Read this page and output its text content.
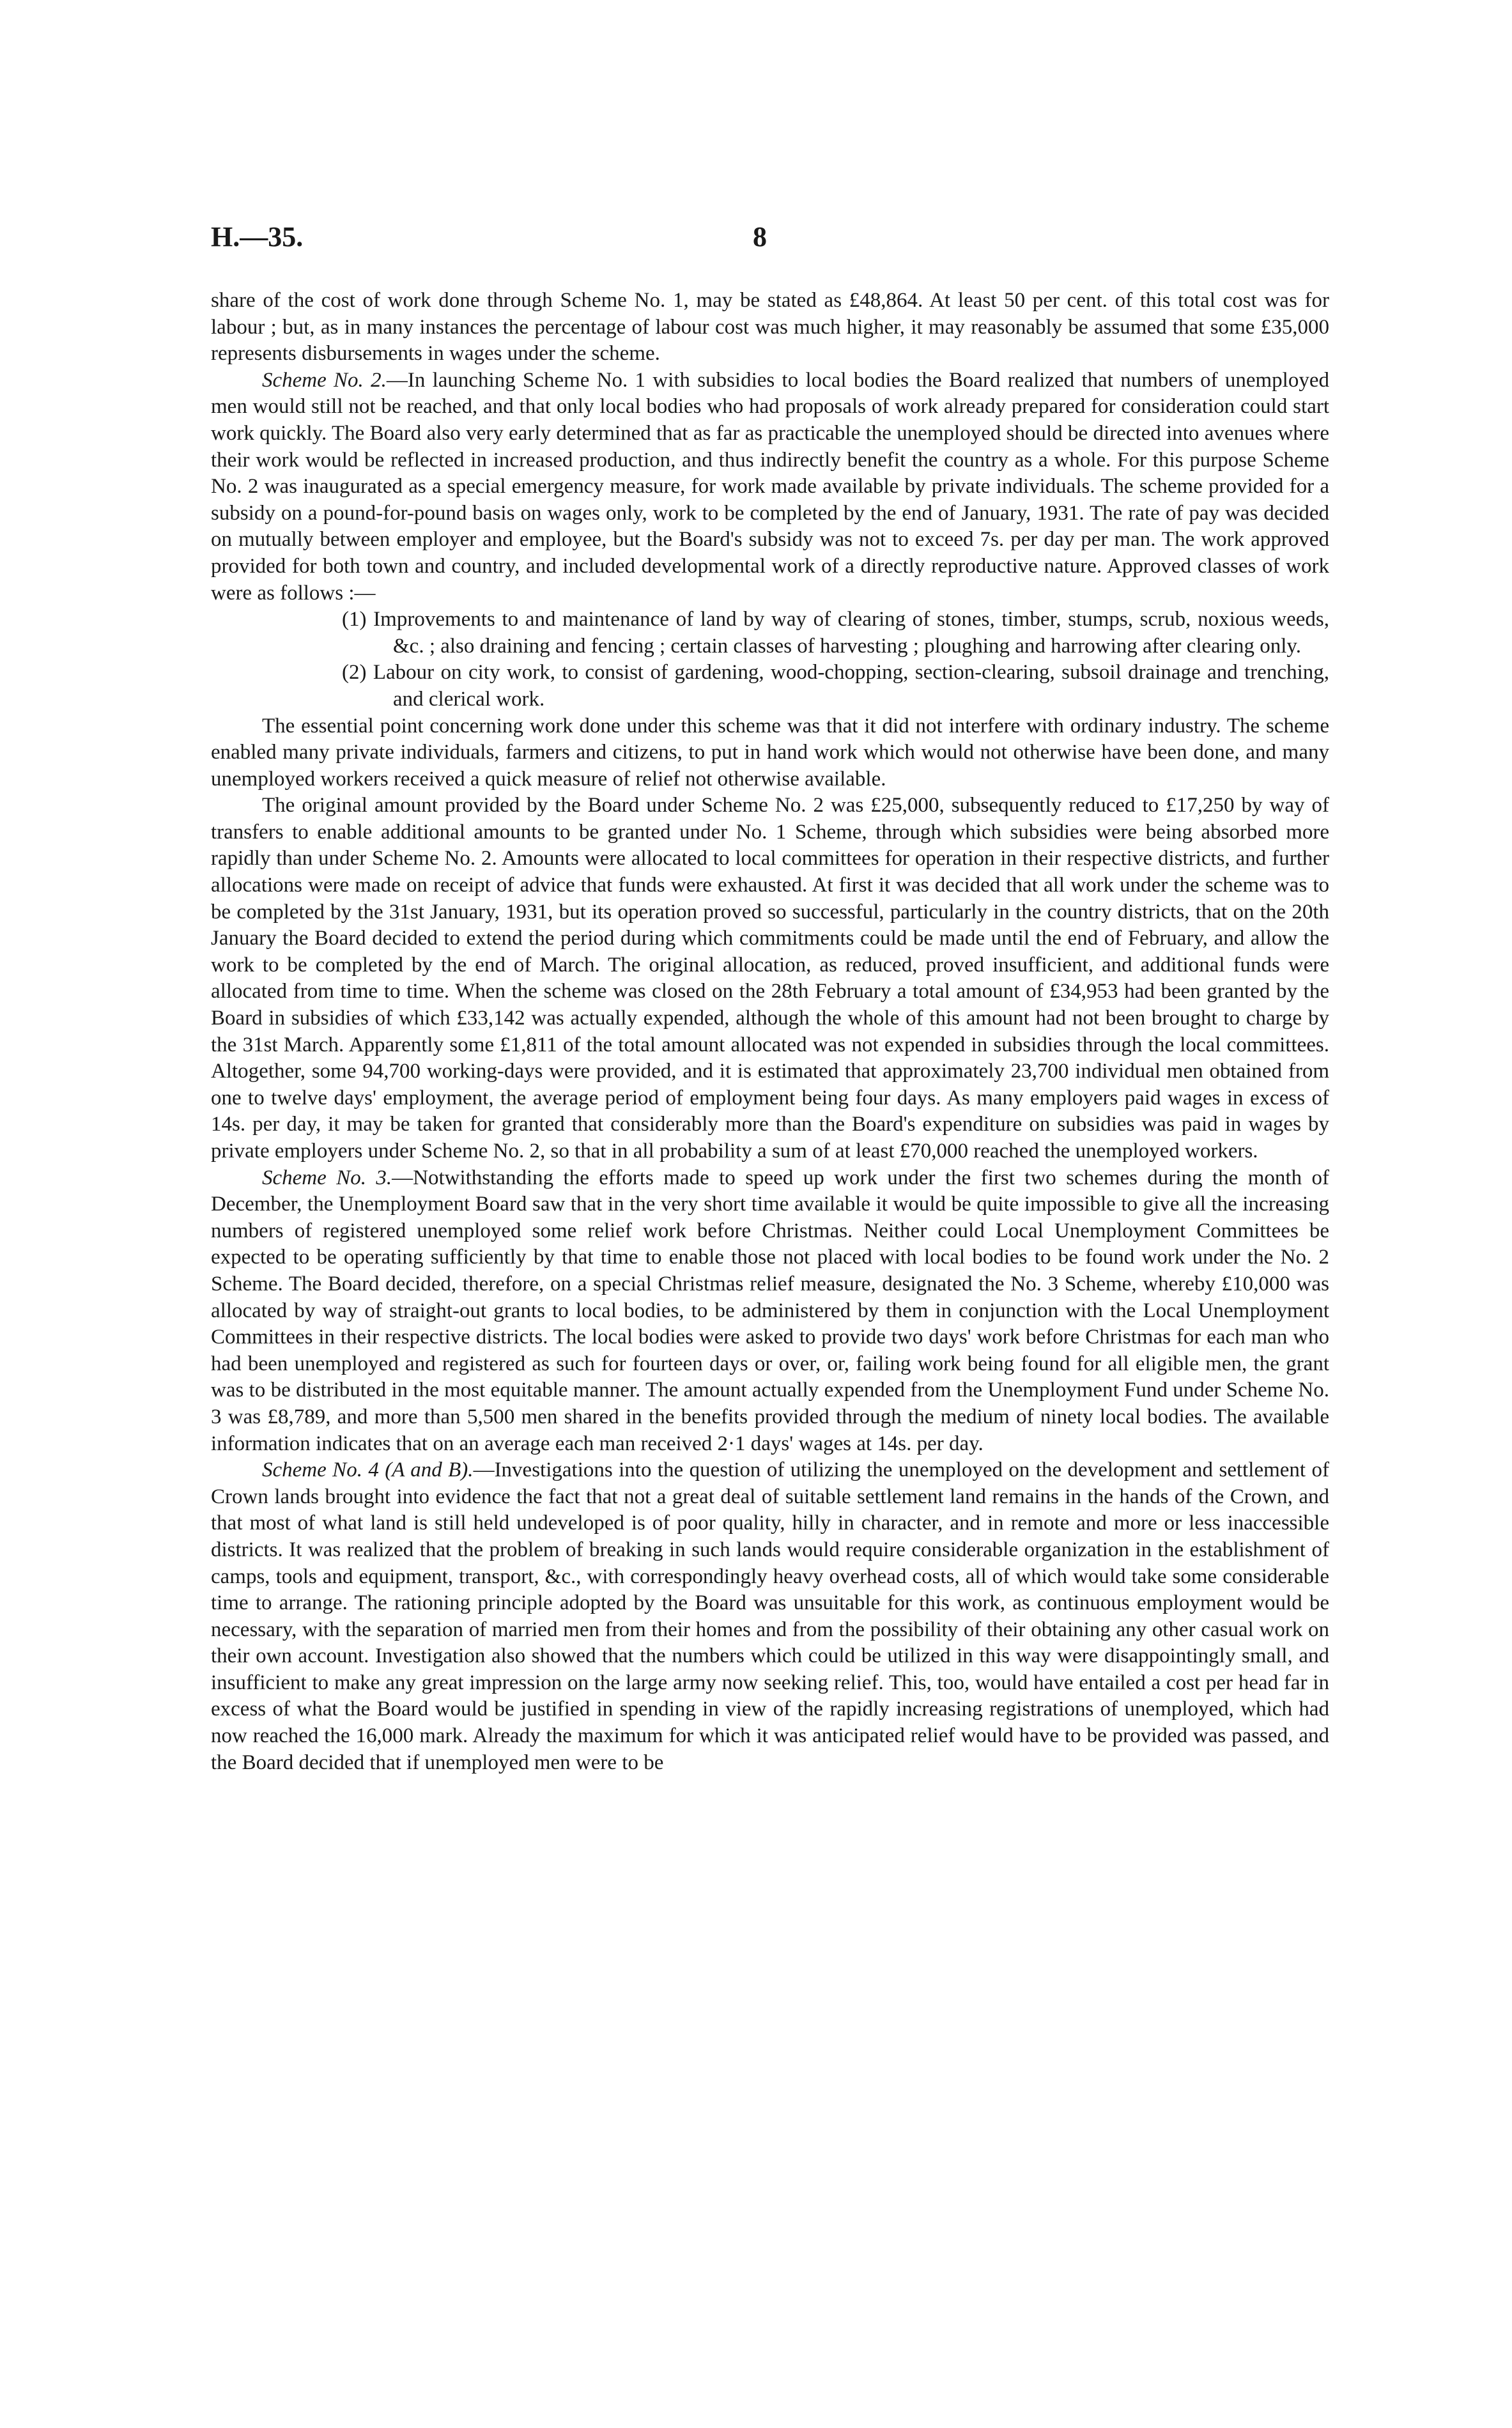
H.—35.	8

share of the cost of work done through Scheme No. 1, may be stated as £48,864. At least 50 per cent. of this total cost was for labour ; but, as in many instances the percentage of labour cost was much higher, it may reasonably be assumed that some £35,000 represents disbursements in wages under the scheme.

Scheme No. 2.—In launching Scheme No. 1 with subsidies to local bodies the Board realized that numbers of unemployed men would still not be reached, and that only local bodies who had proposals of work already prepared for consideration could start work quickly. The Board also very early determined that as far as practicable the unemployed should be directed into avenues where their work would be reflected in increased production, and thus indirectly benefit the country as a whole. For this purpose Scheme No. 2 was inaugurated as a special emergency measure, for work made available by private individuals. The scheme provided for a subsidy on a pound-for-pound basis on wages only, work to be completed by the end of January, 1931. The rate of pay was decided on mutually between employer and employee, but the Board's subsidy was not to exceed 7s. per day per man. The work approved provided for both town and country, and included developmental work of a directly reproductive nature. Approved classes of work were as follows :—

(1) Improvements to and maintenance of land by way of clearing of stones, timber, stumps, scrub, noxious weeds, &c. ; also draining and fencing ; certain classes of harvesting ; ploughing and harrowing after clearing only.

(2) Labour on city work, to consist of gardening, wood-chopping, section-clearing, subsoil drainage and trenching, and clerical work.

The essential point concerning work done under this scheme was that it did not interfere with ordinary industry. The scheme enabled many private individuals, farmers and citizens, to put in hand work which would not otherwise have been done, and many unemployed workers received a quick measure of relief not otherwise available.

The original amount provided by the Board under Scheme No. 2 was £25,000, subsequently reduced to £17,250 by way of transfers to enable additional amounts to be granted under No. 1 Scheme, through which subsidies were being absorbed more rapidly than under Scheme No. 2. Amounts were allocated to local committees for operation in their respective districts, and further allocations were made on receipt of advice that funds were exhausted. At first it was decided that all work under the scheme was to be completed by the 31st January, 1931, but its operation proved so successful, particularly in the country districts, that on the 20th January the Board decided to extend the period during which commitments could be made until the end of February, and allow the work to be completed by the end of March. The original allocation, as reduced, proved insufficient, and additional funds were allocated from time to time. When the scheme was closed on the 28th February a total amount of £34,953 had been granted by the Board in subsidies of which £33,142 was actually expended, although the whole of this amount had not been brought to charge by the 31st March. Apparently some £1,811 of the total amount allocated was not expended in subsidies through the local committees. Altogether, some 94,700 working-days were provided, and it is estimated that approximately 23,700 individual men obtained from one to twelve days' employment, the average period of employment being four days. As many employers paid wages in excess of 14s. per day, it may be taken for granted that considerably more than the Board's expenditure on subsidies was paid in wages by private employers under Scheme No. 2, so that in all probability a sum of at least £70,000 reached the unemployed workers.

Scheme No. 3.—Notwithstanding the efforts made to speed up work under the first two schemes during the month of December, the Unemployment Board saw that in the very short time available it would be quite impossible to give all the increasing numbers of registered unemployed some relief work before Christmas. Neither could Local Unemployment Committees be expected to be operating sufficiently by that time to enable those not placed with local bodies to be found work under the No. 2 Scheme. The Board decided, therefore, on a special Christmas relief measure, designated the No. 3 Scheme, whereby £10,000 was allocated by way of straight-out grants to local bodies, to be administered by them in conjunction with the Local Unemployment Committees in their respective districts. The local bodies were asked to provide two days' work before Christmas for each man who had been unemployed and registered as such for fourteen days or over, or, failing work being found for all eligible men, the grant was to be distributed in the most equitable manner. The amount actually expended from the Unemployment Fund under Scheme No. 3 was £8,789, and more than 5,500 men shared in the benefits provided through the medium of ninety local bodies. The available information indicates that on an average each man received 2·1 days' wages at 14s. per day.

Scheme No. 4 (A and B).—Investigations into the question of utilizing the unemployed on the development and settlement of Crown lands brought into evidence the fact that not a great deal of suitable settlement land remains in the hands of the Crown, and that most of what land is still held undeveloped is of poor quality, hilly in character, and in remote and more or less inaccessible districts. It was realized that the problem of breaking in such lands would require considerable organization in the establishment of camps, tools and equipment, transport, &c., with correspondingly heavy overhead costs, all of which would take some considerable time to arrange. The rationing principle adopted by the Board was unsuitable for this work, as continuous employment would be necessary, with the separation of married men from their homes and from the possibility of their obtaining any other casual work on their own account. Investigation also showed that the numbers which could be utilized in this way were disappointingly small, and insufficient to make any great impression on the large army now seeking relief. This, too, would have entailed a cost per head far in excess of what the Board would be justified in spending in view of the rapidly increasing registrations of unemployed, which had now reached the 16,000 mark. Already the maximum for which it was anticipated relief would have to be provided was passed, and the Board decided that if unemployed men were to be
